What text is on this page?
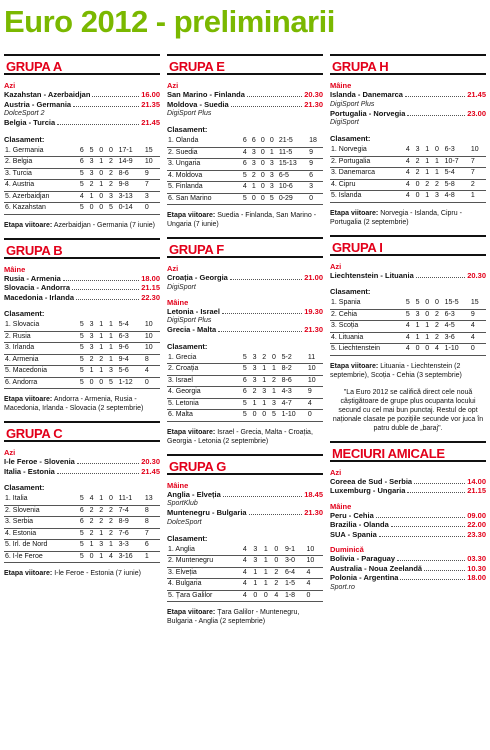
Euro 2012 - preliminarii
GRUPA A
Azi
Kazahstan - Azerbaidjan	16.00
Austria - Germania	21.35
DolceSport 2
Belgia - Turcia	21.45
Clasament:
1. Germania	6	5	0	0	17-1	15
2. Belgia	6	3	1	2	14-9	10
3. Turcia	5	3	0	2	8-6	9
4. Austria	5	2	1	2	9-8	7
5. Azerbaidjan	4	1	0	3	3-13	3
6. Kazahstan	5	0	0	5	0-14	0
Etapa viitoare: Azerbaidjan - Germania (7 iunie)
GRUPA B
Mâine
Rusia - Armenia	18.00
Slovacia - Andorra	21.15
Macedonia - Irlanda	22.30
Clasament:
1. Slovacia	5	3	1	1	5-4	10
2. Rusia	5	3	1	1	6-3	10
3. Irlanda	5	3	1	1	9-6	10
4. Armenia	5	2	2	1	9-4	8
5. Macedonia	5	1	1	3	5-6	4
6. Andorra	5	0	0	5	1-12	0
Etapa viitoare: Andorra - Armenia, Rusia - Macedonia, Irlanda - Slovacia (2 septembrie)
GRUPA C
Azi
I-le Feroe - Slovenia	20.30
Italia - Estonia	21.45
Clasament:
1. Italia	5	4	1	0	11-1	13
2. Slovenia	6	2	2	2	7-4	8
3. Serbia	6	2	2	2	8-9	8
4. Estonia	5	2	1	2	7-6	7
5. Irl. de Nord	5	1	3	1	3-3	6
6. I-le Feroe	5	0	1	4	3-16	1
Etapa viitoare: I-le Feroe - Estonia (7 iunie)
GRUPA E
Azi
San Marino - Finlanda	20.30
Moldova - Suedia	21.30
DigiSport Plus
Clasament:
1. Olanda	6	6	0	0	21-5	18
2. Suedia	4	3	0	1	11-5	9
3. Ungaria	6	3	0	3	15-13	9
4. Moldova	5	2	0	3	6-5	6
5. Finlanda	4	1	0	3	10-6	3
6. San Marino	5	0	0	5	0-29	0
Etapa viitoare: Suedia - Finlanda, San Marino - Ungaria (7 iunie)
GRUPA F
Azi
Croația - Georgia	21.00
DigiSport
Mâine
Letonia - Israel	19.30
DigiSport Plus
Grecia - Malta	21.30
Clasament:
1. Grecia	5	3	2	0	5-2	11
2. Croația	5	3	1	1	8-2	10
3. Israel	6	3	1	2	8-6	10
4. Georgia	6	2	3	1	4-3	9
5. Letonia	5	1	1	3	4-7	4
6. Malta	5	0	0	5	1-10	0
Etapa viitoare: Israel - Grecia, Malta - Croația, Georgia - Letonia (2 septembrie)
GRUPA G
Mâine
Anglia - Elveția	18.45
SportKlub
Muntenegru - Bulgaria	21.30
DolceSport
Clasament:
1. Anglia	4	3	1	0	9-1	10
2. Muntenegru	4	3	1	0	3-0	10
3. Elveția	4	1	1	2	6-4	4
4. Bulgaria	4	1	1	2	1-5	4
5. Țara Galilor	4	0	0	4	1-8	0
Etapa viitoare: Țara Galilor - Muntenegru, Bulgaria - Anglia (2 septembrie)
GRUPA H
Mâine
Islanda - Danemarca	21.45
DigiSport Plus
Portugalia - Norvegia	23.00
DigiSport
Clasament:
1. Norvegia	4	3	1	0	6-3	10
2. Portugalia	4	2	1	1	10-7	7
3. Danemarca	4	2	1	1	5-4	7
4. Cipru	4	0	2	2	5-8	2
5. Islanda	4	0	1	3	4-8	1
Etapa viitoare: Norvegia - Islanda, Cipru - Portugalia (2 septembrie)
GRUPA I
Azi
Liechtenstein - Lituania	20.30
Clasament:
1. Spania	5	5	0	0	15-5	15
2. Cehia	5	3	0	2	6-3	9
3. Scoția	4	1	1	2	4-5	4
4. Lituania	4	1	1	2	3-6	4
5. Liechtenstein	4	0	0	4	1-10	0
Etapa viitoare: Lituania - Liechtenstein (2 septembrie), Scoția - Cehia (3 septembrie)
"La Euro 2012 se califică direct cele nouă câștigătoare de grupe plus ocupanta locului secund cu cel mai bun punctaj. Restul de opt naționale clasate pe pozițiile secunde vor juca în patru duble de „baraj".
MECIURI AMICALE
Azi
Coreea de Sud - Serbia	14.00
Luxemburg - Ungaria	21.15
Mâine
Peru - Cehia	09.00
Brazilia - Olanda	22.00
SUA - Spania	23.30
Duminică
Bolivia - Paraguay	03.30
Australia - Noua Zeelandă	10.30
Polonia - Argentina	18.00
Sport.ro
